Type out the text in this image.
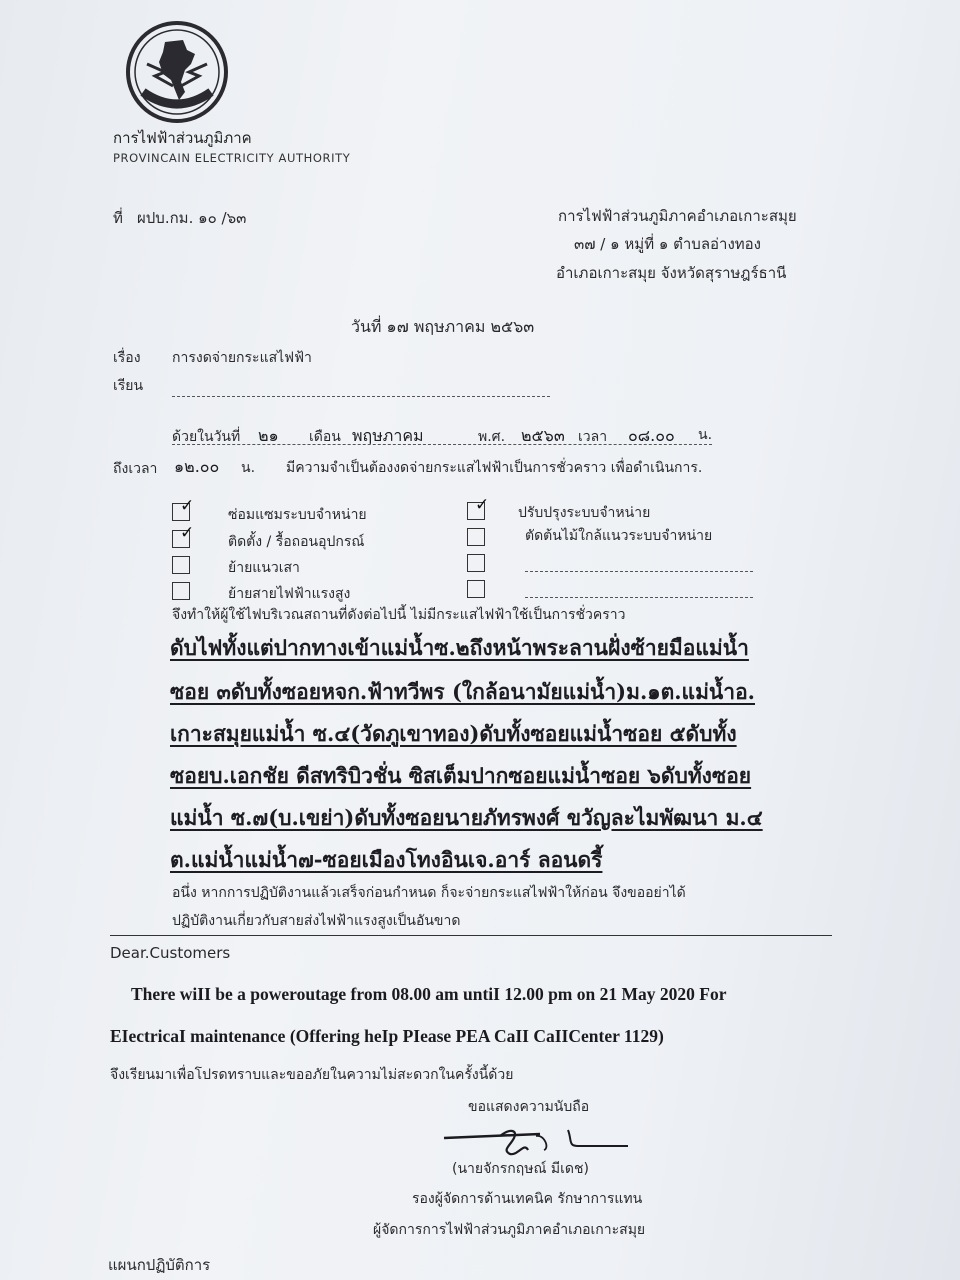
การไฟฟ้าส่วนภูมิภาค
PROVINCAIN ELECTRICITY AUTHORITY
ที่ ผปบ.กม. ๑๐ /๖๓	การไฟฟ้าส่วนภูมิภาคอำเภอเกาะสมุย
๓๗ / ๑ หมู่ที่ ๑ ตำบลอ่างทอง
อำเภอเกาะสมุย จังหวัดสุราษฎร์ธานี
วันที่ ๑๗ พฤษภาคม ๒๕๖๓
เรื่อง การงดจ่ายกระแสไฟฟ้า
เรียน
ด้วยในวันที่ ๒๑ เดือน พฤษภาคม	พ.ศ. ๒๕๖๓ เวลา ๐๘.๐๐ น.
ถึงเวลา ๑๒.๐๐ น. มีความจำเป็นต้องงดจ่ายกระแสไฟฟ้าเป็นการชั่วคราว เพื่อดำเนินการ.
✓ ซ่อมแซมระบบจำหน่าย
✓ ติดตั้ง / รื้อถอนอุปกรณ์
ย้ายแนวเสา
ย้ายสายไฟฟ้าแรงสูง
✓ ปรับปรุงระบบจำหน่าย
ตัดต้นไม้ใกล้แนวระบบจำหน่าย
จึงทำให้ผู้ใช้ไฟบริเวณสถานที่ดังต่อไปนี้ ไม่มีกระแสไฟฟ้าใช้เป็นการชั่วคราว
ดับไฟทั้งแต่ปากทางเข้าแม่น้ำซ.๒ถึงหน้าพระลานฝั่งซ้ายมือแม่น้ำ
ซอย ๓ดับทั้งซอยหจก.ฟ้าทวีพร (ใกล้อนามัยแม่น้ำ)ม.๑ต.แม่น้ำอ.
เกาะสมุยแม่น้ำ ซ.๔(วัดภูเขาทอง)ดับทั้งซอยแม่น้ำซอย ๕ดับทั้ง
ซอยบ.เอกชัย ดีสทริบิวชั่น ซิสเต็มปากซอยแม่น้ำซอย ๖ดับทั้งซอย
แม่น้ำ ซ.๗(บ.เขย่า)ดับทั้งซอยนายภัทรพงศ์ ขวัญละไมพัฒนา ม.๔
ต.แม่น้ำแม่น้ำ๗-ซอยเมืองโทงอินเจ.อาร์ ลอนดรี้
อนึ่ง หากการปฏิบัติงานแล้วเสร็จก่อนกำหนด ก็จะจ่ายกระแสไฟฟ้าให้ก่อน จึงขออย่าได้
ปฏิบัติงานเกี่ยวกับสายส่งไฟฟ้าแรงสูงเป็นอันขาด
Dear.Customers
There wiII be a poweroutage from 08.00 am untiI 12.00 pm on 21 May 2020 For
EIectricaI maintenance (Offering heIp PIease PEA CaII CaIICenter 1129)
จึงเรียนมาเพื่อโปรดทราบและขออภัยในความไม่สะดวกในครั้งนี้ด้วย
ขอแสดงความนับถือ
(นายจักรกฤษณ์ มีเดช)
รองผู้จัดการด้านเทคนิค รักษาการแทน
ผู้จัดการการไฟฟ้าส่วนภูมิภาคอำเภอเกาะสมุย
แผนกปฏิบัติการ
